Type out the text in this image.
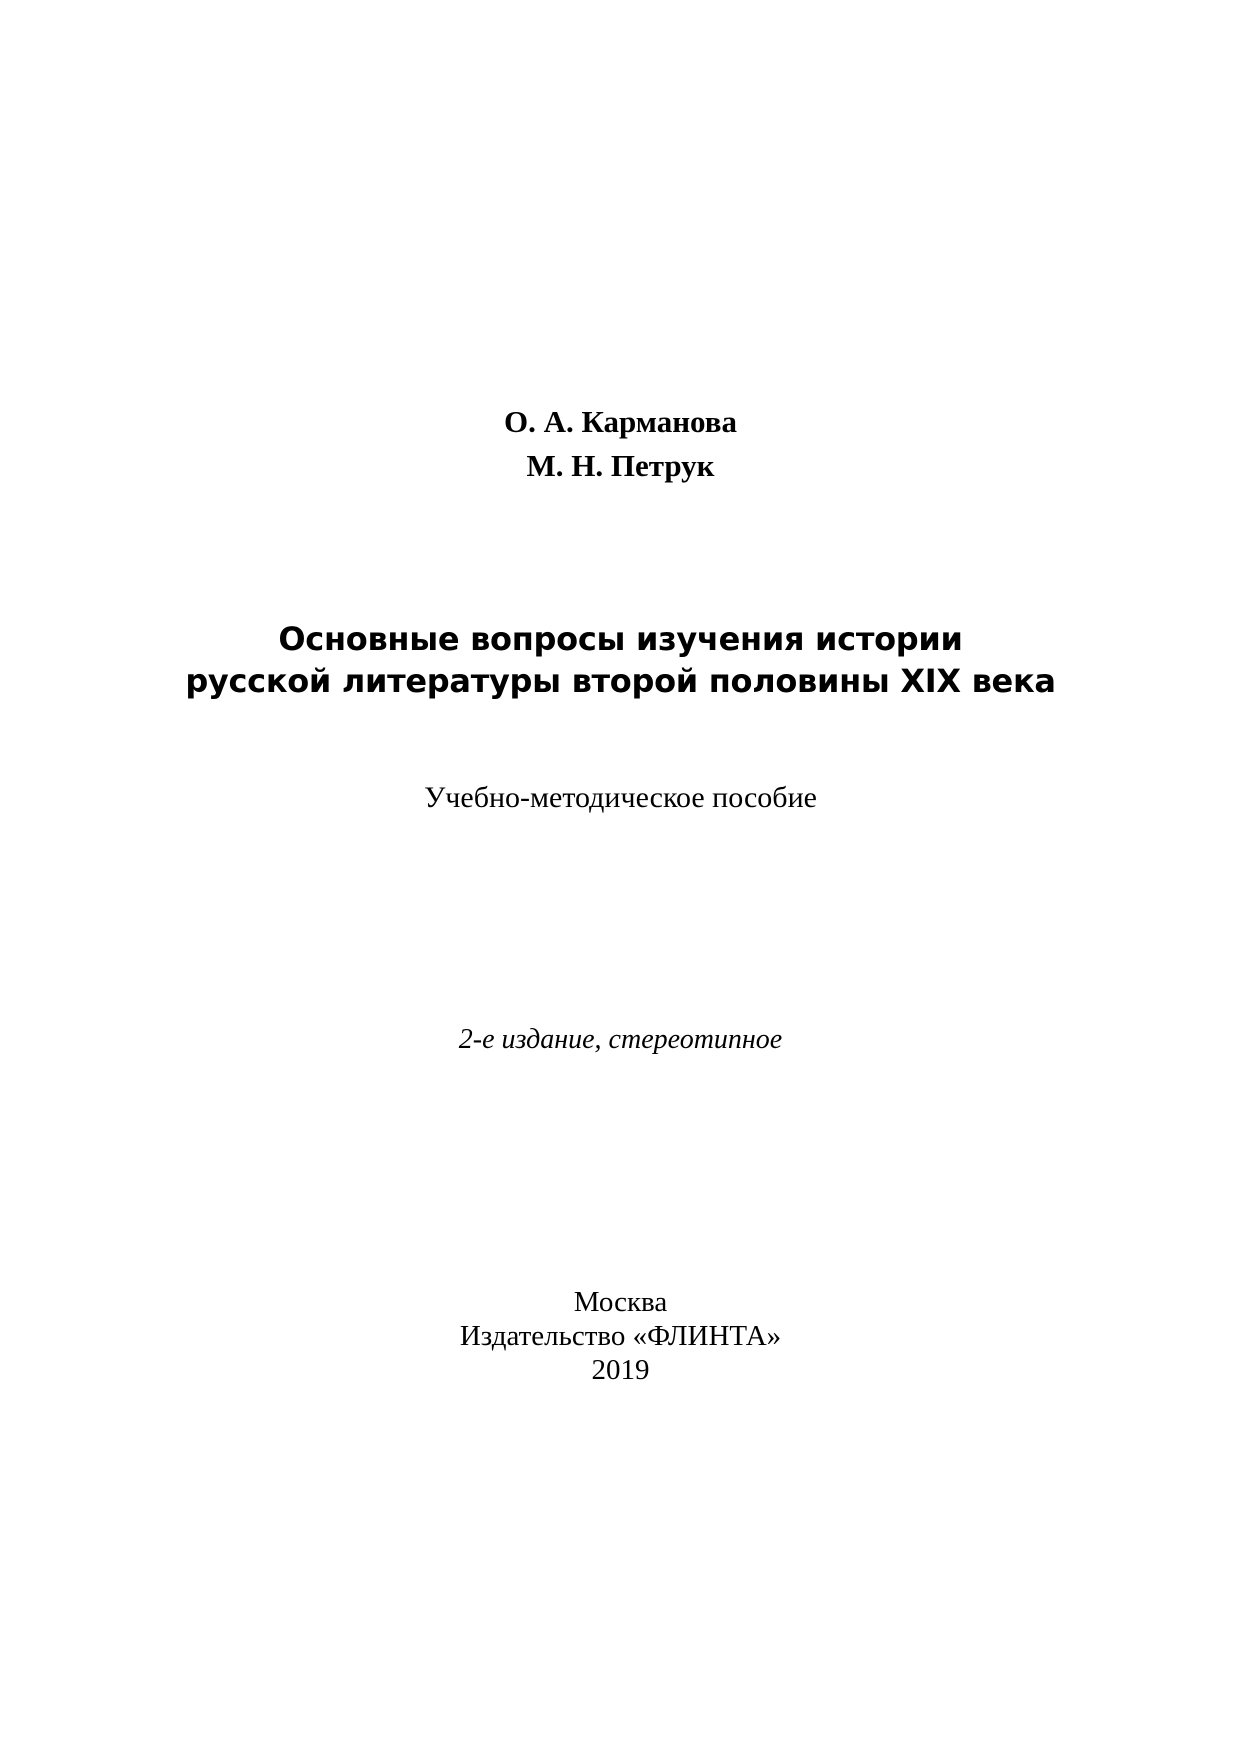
О. А. Карманова
М. Н. Петрук
Основные вопросы изучения истории
русской литературы второй половины XIX века
Учебно-методическое пособие
2-е издание, стереотипное
Москва
Издательство «ФЛИНТА»
2019
